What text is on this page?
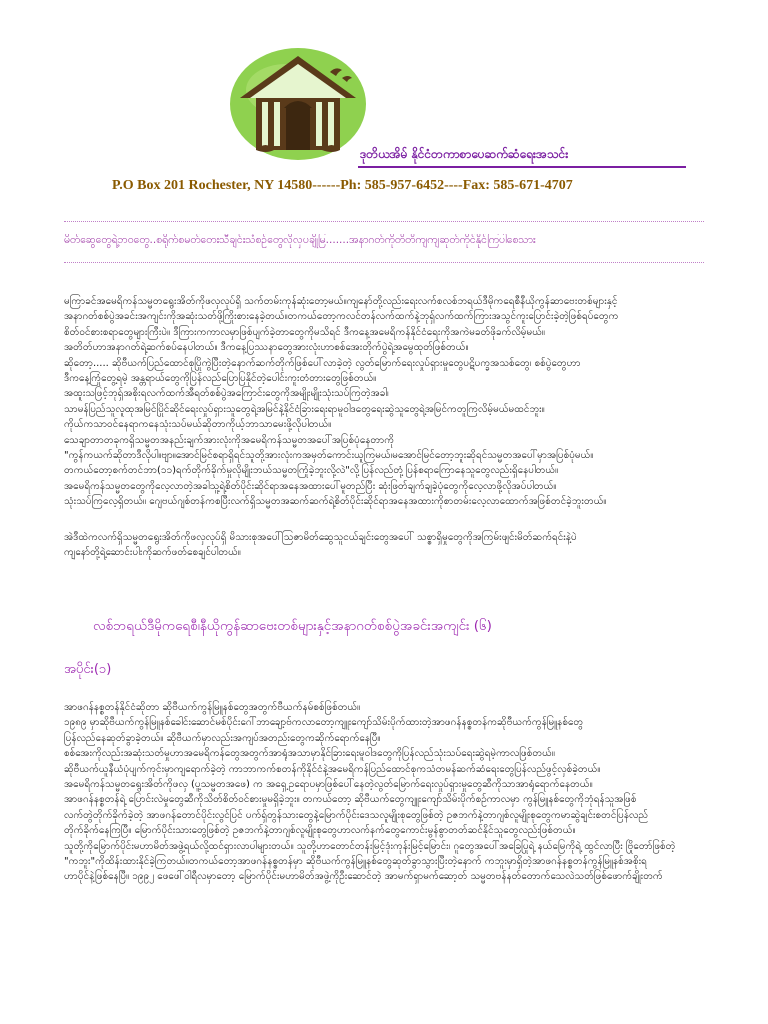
ဒုတိယအိမ် နိုင်ငံတကာစာပေဆက်ဆံရေးအသင်း
P.O Box 201 Rochester, NY 14580------Ph: 585-957-6452----Fax: 585-671-4707
မိတ်ဆွေတွေရဲ့ဘဝတွေ..စရိုက်စမတ်တေးသီချင်းသံစဉ်တွေလိုလှပချိုမြ.......အနာဂတ်ကိုတိတိကျကျဆုတ်ကိုင်နိုင်ကြပါစေသား
မကြာခင်အမေရိကန်သမ္မတရွေးအိတ်ကိုဖလှလုပ်ရှိ သက်တမ်းကုန်ဆုံးတော့မယ်။ကျနော်တို့လည်းရေးလက်စလစ်ဘရယ်ဒီမိုကရေစီနီယိုကွန်ဆာဗေးတစ်များနှင့်
အနာဂတ်စစ်ပွဲအခင်းအကျင်းကိုအဆုံးသတ်ဖို့ကြိုးစားနေခဲ့တယ်။တကယ်တော့ကလင်တန်လက်ထက်နဲ့ဘုရှ်လက်ထက်ကြားအသွင်ကူးပြောင်းခဲ့တဲ့ဖြစ်ရပ်တွေက
စိတ်ဝင်စားစရာတွေများကြီးပဲ။ ဒီကြားကကာလမှာဖြစ်ပျက်ခဲ့တာတွေကိုမသိရင် ဒီကနေ့အမေရိကန်နိုင်ငံရေးကိုအကဲမခတ်ဖိုခက်လိမ့်မယ်။
အတိတ်ဟာအနာဂတ်ရဲ့ဆက်စပ်နေပါတယ်။ ဒီကနေ့ပြဿနာတွေအားလုံးဟာစစ်အေးတိုက်ပွဲရဲ့အမွေထုတ်ဖြစ်တယ်။
ဆိုတော့..... ဆိုဗီယက်ပြည်ထောင်စုပြိုကွဲပြီးတဲ့နောက်ဆက်တိုက်ဖြစ်ပေါ်လာခဲ့တဲ့ လွတ်မြောက်ရေးလှုပ်ရှားမှုတွေပဋိပက္ခအသစ်တွေ၊ စစ်ပွဲတွေဟာ
ဒီကနေ့ကြုံတွေ့ရမဲ့ အန္တရာယ်တွေကိုပြန်လည်ပြောပြနိုင်တဲ့ပေါင်းကူးတံတားတွေဖြစ်တယ်။
အထူးသဖြင့်ဘုရှ်အစိုးရလက်ထက်အီရတ်စစ်ပွဲအကြောင်းတွေကိုအမျိုးမျိုးသုံးသပ်ကြတဲ့အခါ၊
သာမန်ပြည်သူလူထုအမြင်ပြိုင်ဆိုင်ရေးလှုပ်ရှားသူတွေရဲ့အမြင်နဲ့နိုင်ငံခြားရေးရာမူဝါဒတွေရေးဆွဲသူတွေရဲ့အမြင်ကတူကြလိမ့်မယ်မထင်ဘူး။
ကိုယ်ကသာဝင်နေရာကနေသုံးသပ်မယ်ဆိုတာကိုယ့်ဘာသာမေးဖို့လိုပါတယ်။
သေချာတာတခုကရှိသမ္မတအနည်းချက်အားလုံးကိုအမေရိကန်သမ္မတအပေါ်အပြစ်ပုံနေတာကို
"ကွန်ကယက်ဆိုတာဒီလိုပါ။ဗျာ။အောင်မြင်စရာရှိရင်သူတို့အားလုံးကအမှတ်ကောင်းယူကြမယ်၊မအောင်မြင်တော့ဘူးဆိုရင်သမ္မတအပေါ်မှာအပြစ်ပုံမယ်။
တကယ်တော့စက်တင်ဘာ(၁၁)ရက်တိုက်ခိုက်မှုလိုမျိုးဘယ်သမ္မတကြုံခဲ့ဘူးလို့လဲ"လို့ပြန်လည်တုံ့ပြန်စရာကြောနေသူတွေလည်းရှိနေပါတယ်။
အမေရိကန်သမ္မတတွေကိုလေ့လာတဲ့အခါသူ့ရဲ့စိတ်ပိုင်းဆိုင်ရာအနေအထားပေါ်မူတည်ပြီး ဆုံးဖြတ်ချက်ချခဲ့ပုံတွေကိုလေ့လာဖို့လိုအပ်ပါတယ်။
သုံးသပ်ကြလေ့ရှိတယ်။ ဂျေဗယ်ဂျစ်တန်ကစပြီးလက်ရှိသမ္မတအဆက်ဆက်ရဲ့စိတ်ပိုင်းဆိုင်ရာအနေအထားကိုစာတမ်းလေ့လာထောက်အဖြစ်တင်ခဲ့ဘူးတယ်။
အဲဒီထဲကလက်ရှိသမ္မတရွေးအိတ်ကိုဖလှလုပ်ရှိ မိသားစုအပေါ်သြဇာမိတ်ဆွေသူငယ်ချင်းတွေအပေါ် သစ္စာရှိမှုတွေကိုအကြမ်းဖျင်းမိတ်ဆက်ရင်းနဲ့ပဲ
ကျနော်တို့ရဲ့ဆောင်းပါးကိုဆက်ဖတ်စေချင်ပါတယ်။
လစ်ဘရယ်ဒီမိုကရေစီ၊နီယိုကွန်ဆာဗေးတစ်များနှင့်အနာဂတ်စစ်ပွဲအခင်းအကျင်း (၆)
အပိုင်း(၁)
အာဖဂန်နစ္စတန်နိုင်ငံဆိုတာ ဆိုဗီယက်ကွန်မြူနစ်တွေအတွက်ဗီယက်နမ်စစ်ဖြစ်တယ်။
၁၉၈၉ မှာဆိုဗီယက်ကွန်မြူနစ်ခေါင်းဆောင်မစ်ပိုင်းဂေါ်ဘာချော့ဗ်ကလာတော့ကျူးကျော်သိမ်းပိုက်ထားတဲ့အာဖဂန်နစ္စတန်ကဆိုဗီယက်ကွန်မြူနစ်တွေ
ပြန်လည်နေဆုတ်ခွာခဲ့တယ်။ ဆိုဗီယက်မှာလည်းအကျပ်အတည်းတွေကဆိုက်ရောက်နေပြီ။
စစ်အေးကိုလည်းအဆုံးသတ်မှုဟာအမေရိကန်တွေအတွက်အာရုံအသာမှာနိုင်ခြားရေးမူဝါဒတွေကိုပြန်လည်သုံးသပ်ရေးဆွဲရမဲ့ကာလဖြစ်တယ်။
ဆိုဗီယက်ယူနီယံပုံပျက်ကုင်းမှာကျရောက်ခဲ့တဲ့ ကာဘာကက်စတန်ကိုနိုင်ငံနဲ့အမေရိကန်ပြည်ထောင်စုကသံတမန်ဆက်ဆံရေးတွေပြန်လည်ဖွင့်လှစ်ခဲ့တယ်။
အမေရိကန်သမ္မတရွေးအိတ်ကိုဖလှ (ပူ့သမ္မတအဖေ) က အရှေ့ဥရောပမှာဖြစ်ပေါ်နေတဲ့လွတ်မြောက်ရေးလှုပ်ရှားမှုတွေဆီကိုသာအာရုံရောက်နေတယ်။
အာဖဂန်နစ္စတန်ရဲ့ ပြောင်းလဲမှုတွေဆီကိုသိတ်စိတ်ဝင်စားမှုမရှိခဲ့ဘူး။ တကယ်တော့ ဆိုဗီယက်တွေကျူးကျော်သိမ်းပိုက်စဉ်ကာလမှာ ကွန်မြူနစ်တွေကိုဘုံရန်သူအဖြစ်
လက်တွဲတိုက်ခိုက်ခဲ့တဲ့ အာဖဂန်တောင်ပိုင်းလွင်ပြင် ပက်ရှ်တွန်သားတွေနဲ့မြောက်ပိုင်းဒေသလူမျိုးစုတွေဖြစ်တဲ့ ဥဇဘက်နဲ့တာဂျစ်လူမျိုးစုတွေကမာဆွဲချင်းစတင်ပြန်လည်
တိုက်ခိုက်နေကြပြီ။ မြောက်ပိုင်းသားတွေဖြစ်တဲ့ ဥဇဘက်နဲ့တာဂျစ်လူမျိုးစုတွေဟာလက်နက်တွေကောင်းမွန်စွာတတ်ဆင်နိုင်သူတွေလည်းဖြစ်တယ်။
သူတို့ကိုမြောက်ပိုင်းမဟာမိတ်အဖွဲ့ရယ်လို့ထင်ရှားလာပါများတယ်။ သူတို့ဟာတောင်တန်းမြင့်ဒုံးကုန်းမြင့်မြောင်း၊ ဂူတွေအပေါ်အခြေပြုရဲ့ နယ်မြေကိုရဲ့ ထွင်လာပြီး ဗြိုတော်ဖြစ်တဲ့
"ကဘူး"ကိုထိန်းထားနိုင်ခဲ့ကြတယ်။တကယ်တော့အာဖဂန်နစ္စတန်မှာ ဆိုဗီယက်ကွန်မြူနစ်တွေဆုတ်ခွာသွားပြီးတဲ့နောက် ကဘူးမှာရှိတဲ့အာဖဂန်နစ္စတန်ကွန်မြူနစ်အစိုးရ
ဟာပိုင်နဲ့ဖြစ်နေပြီ။ ၁၉၉၂ ဖေဖေါ်ဝါရီလမှာတော့ မြောက်ပိုင်းမဟာမိတ်အဖွဲ့ကိုဦးဆောင်တဲ့ အာမက်ရှာမက်ဆော့တ် သမ္မတဗန်နတ်တောက်သေလဲသတ်ဖြစ်ဖောက်ချိုးတက်
